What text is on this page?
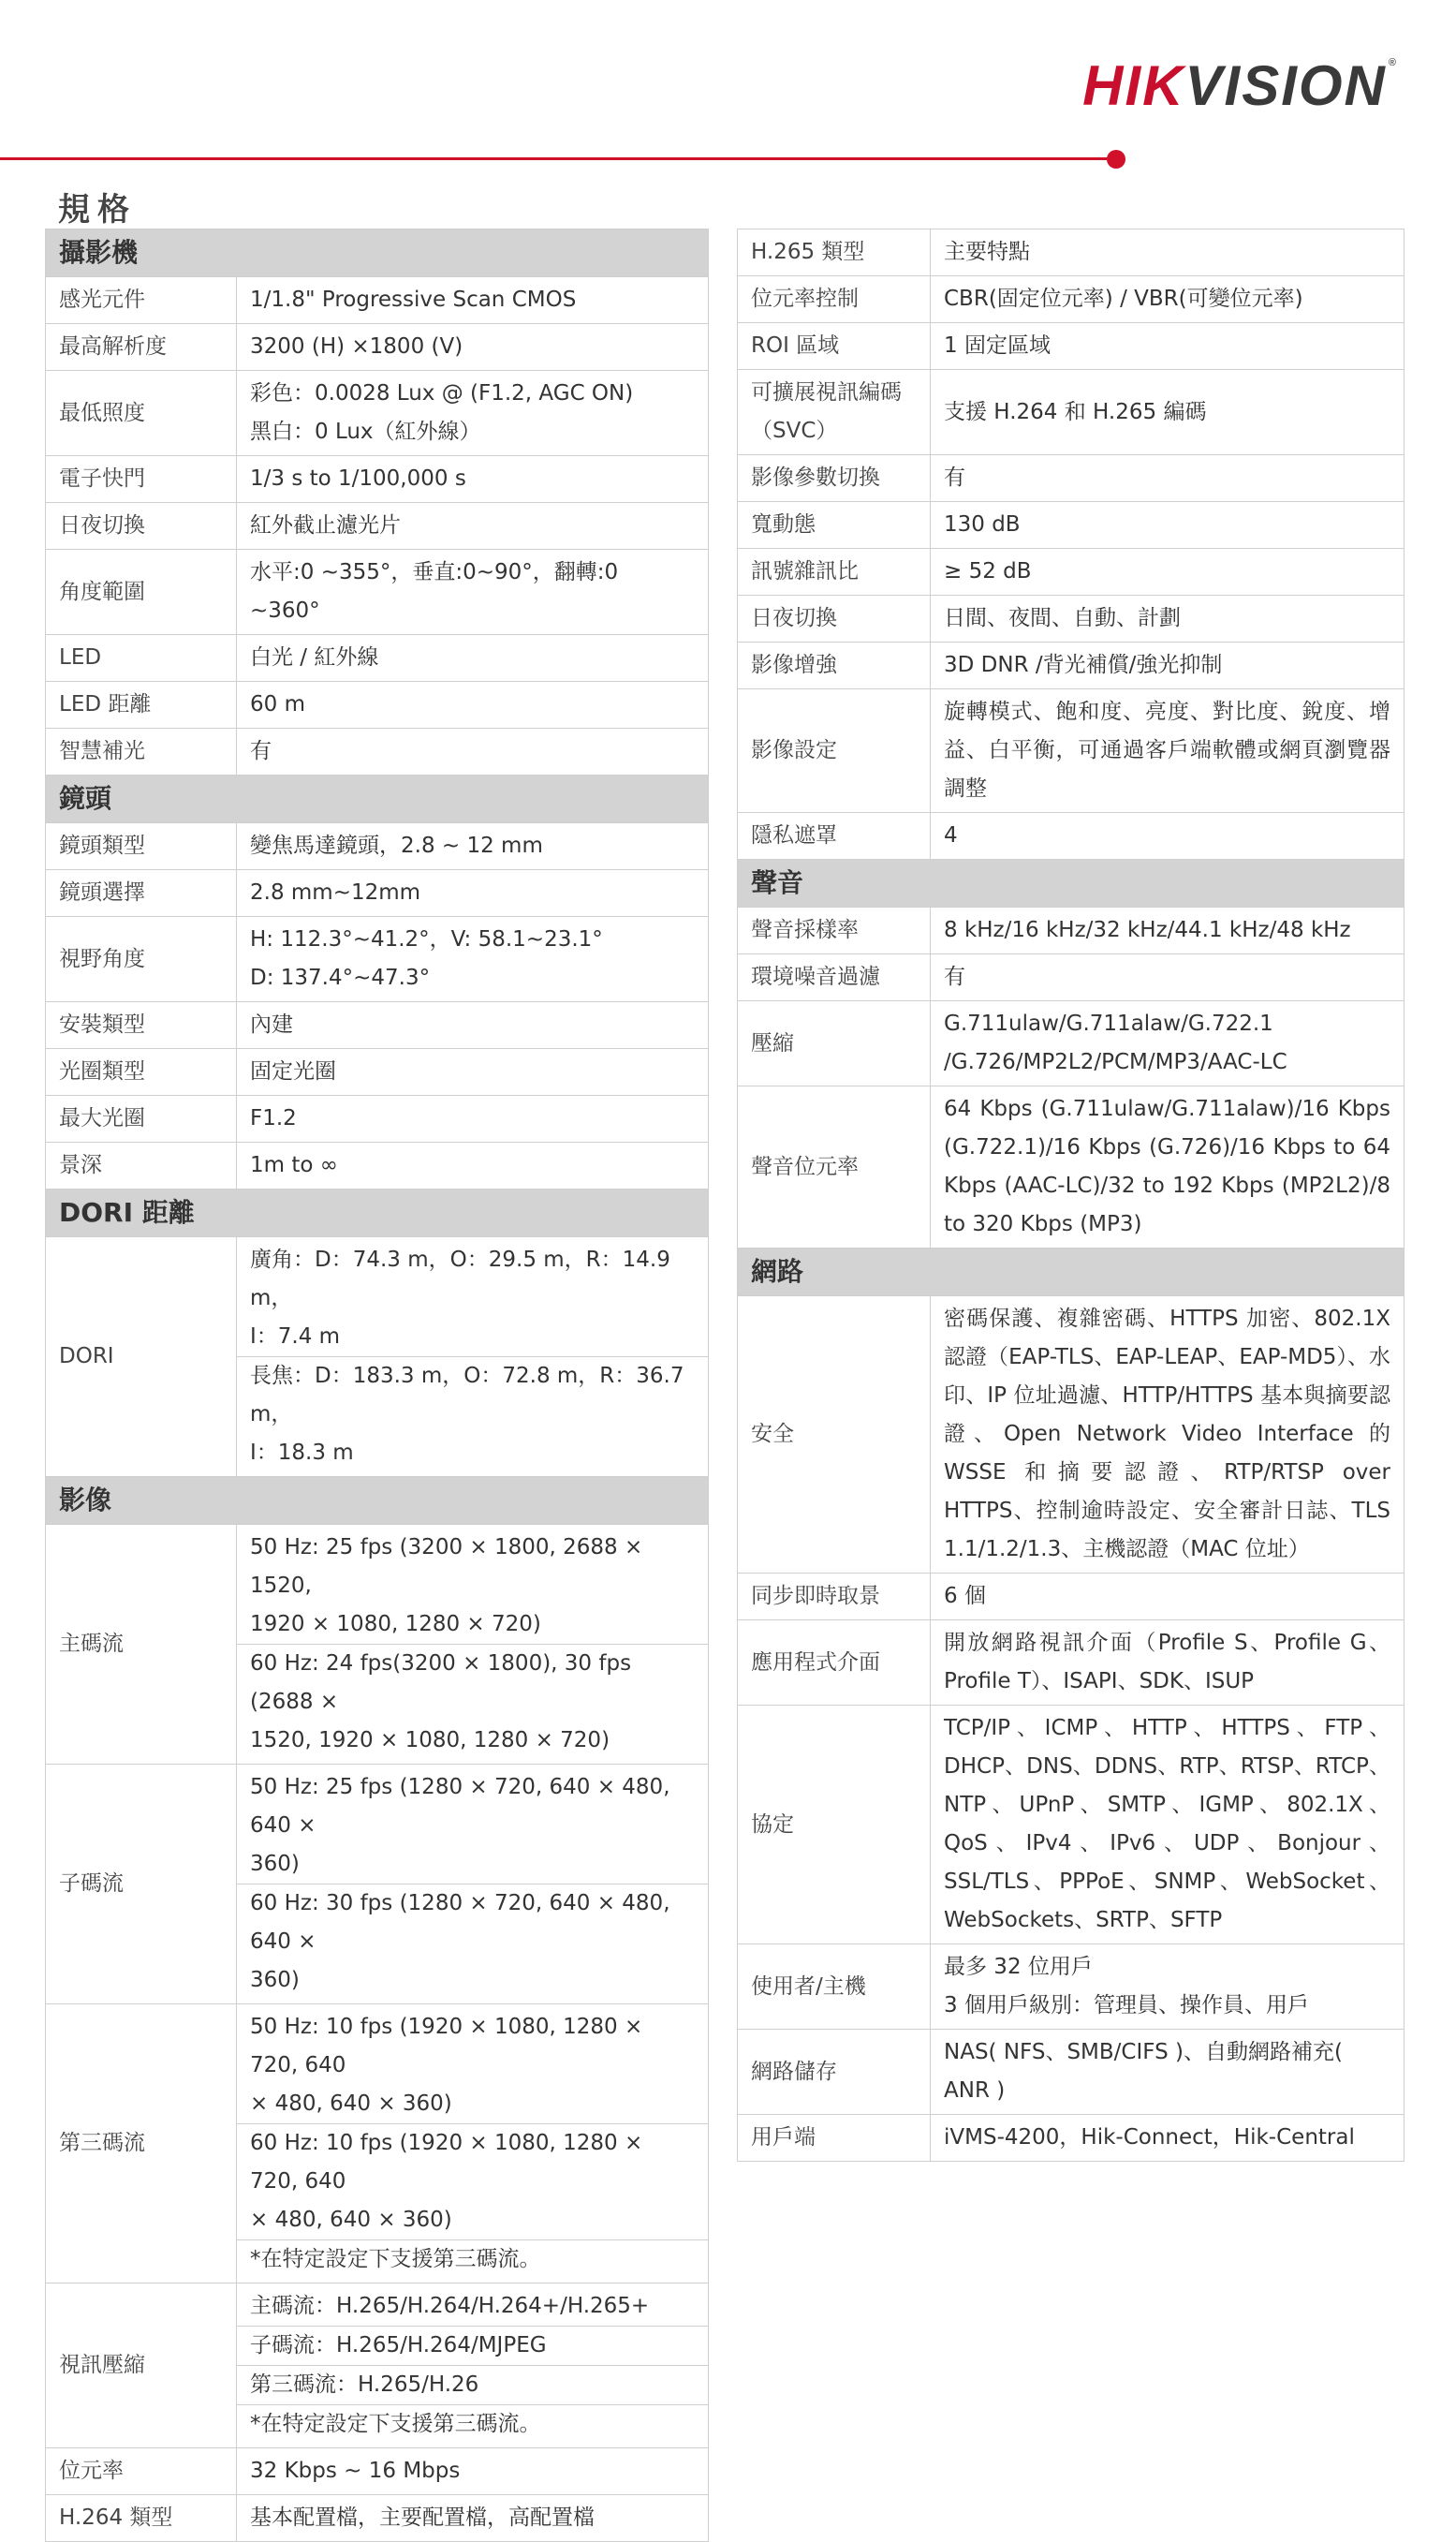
HIKVISION ®
規格
攝影機	
感光元件	1/1.8" Progressive Scan CMOS

最高解析度	3200 (H) ×1800 (V)

最低照度	彩色：0.0028 Lux @ (F1.2, AGC ON)
黑白：0 Lux（紅外線）

電子快門	1/3 s to 1/100,000 s

日夜切換	紅外截止濾光片

角度範圍	水平:0 ~355°，垂直:0~90°，翻轉:0 ~360°

LED	白光 / 紅外線

LED 距離	60 m

智慧補光	有

鏡頭	
鏡頭類型	變焦馬達鏡頭，2.8 ~ 12 mm

鏡頭選擇	2.8 mm~12mm

視野角度	H: 112.3°~41.2°，V: 58.1~23.1°
D: 137.4°~47.3°

安裝類型	內建

光圈類型	固定光圈

最大光圈	F1.2

景深	1m to ∞

DORI 距離	
DORI	廣角：D：74.3 m，O：29.5 m，R：14.9 m，
I：7.4 m
長焦：D：183.3 m，O：72.8 m，R：36.7 m，
I：18.3 m

影像	
主碼流	50 Hz: 25 fps (3200 × 1800, 2688 × 1520,
1920 × 1080, 1280 × 720)
60 Hz: 24 fps(3200 × 1800), 30 fps (2688 ×
1520, 1920 × 1080, 1280 × 720)

子碼流	50 Hz: 25 fps (1280 × 720, 640 × 480, 640 ×
360)
60 Hz: 30 fps (1280 × 720, 640 × 480, 640 ×
360)

第三碼流	50 Hz: 10 fps (1920 × 1080, 1280 × 720, 640
× 480, 640 × 360)
60 Hz: 10 fps (1920 × 1080, 1280 × 720, 640
× 480, 640 × 360)
*在特定設定下支援第三碼流。

視訊壓縮	主碼流：H.265/H.264/H.264+/H.265+
子碼流：H.265/H.264/MJPEG
第三碼流：H.265/H.26
*在特定設定下支援第三碼流。

位元率	32 Kbps ~ 16 Mbps

H.264 類型	基本配置檔，主要配置檔，高配置檔
H.265 類型	主要特點

位元率控制	CBR(固定位元率) / VBR(可變位元率)

ROI 區域	1 固定區域

可擴展視訊編碼（SVC）	支援 H.264 和 H.265 編碼

影像參數切換	有

寬動態	130 dB

訊號雜訊比	≥ 52 dB

日夜切換	日間、夜間、自動、計劃

影像增強	3D DNR /背光補償/強光抑制

影像設定	旋轉模式、飽和度、亮度、對比度、銳度、增益、白平衡，可通過客戶端軟體或網頁瀏覽器調整

隱私遮罩	4

聲音	
聲音採樣率	8 kHz/16 kHz/32 kHz/44.1 kHz/48 kHz

環境噪音過濾	有

壓縮	G.711ulaw/G.711alaw/G.722.1
/G.726/MP2L2/PCM/MP3/AAC-LC

聲音位元率	64 Kbps (G.711ulaw/G.711alaw)/16 Kbps (G.722.1)/16 Kbps (G.726)/16 Kbps to 64 Kbps (AAC-LC)/32 to 192 Kbps (MP2L2)/8 to 320 Kbps (MP3)

網路	
安全	密碼保護、複雜密碼、HTTPS 加密、802.1X 認證（EAP-TLS、EAP-LEAP、EAP-MD5）、水印、IP 位址過濾、HTTP/HTTPS 基本與摘要認證、Open Network Video Interface 的 WSSE 和摘要認證、RTP/RTSP over HTTPS、控制逾時設定、安全審計日誌、TLS 1.1/1.2/1.3、主機認證（MAC 位址）

同步即時取景	6 個

應用程式介面	開放網路視訊介面（Profile S、Profile G、Profile T）、ISAPI、SDK、ISUP

協定	TCP/IP、ICMP、HTTP、HTTPS、FTP、DHCP、DNS、DDNS、RTP、RTSP、RTCP、NTP、UPnP、SMTP、IGMP、802.1X、QoS、IPv4、IPv6、UDP、Bonjour、SSL/TLS、PPPoE、SNMP、WebSocket、WebSockets、SRTP、SFTP

使用者/主機	最多 32 位用戶
3 個用戶級別：管理員、操作員、用戶

網路儲存	NAS( NFS、SMB/CIFS )、自動網路補充( ANR )

用戶端	iVMS-4200，Hik-Connect，Hik-Central
